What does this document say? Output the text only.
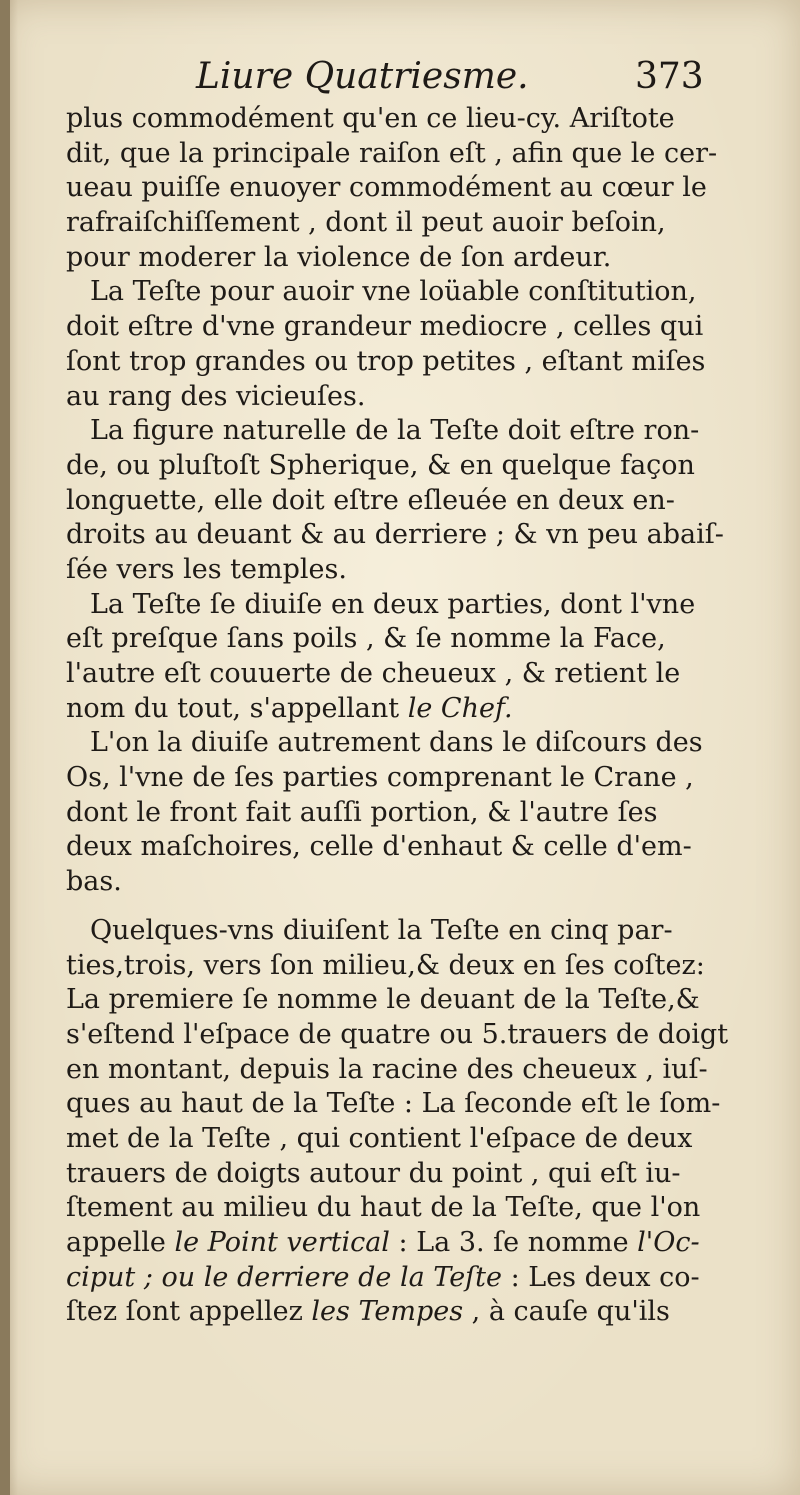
Liure Quatriesme.	373
plus commodément qu'en ce lieu-cy. Ariſtote
dit, que la principale raiſon eſt , afin que le cer-
ueau puiſſe enuoyer commodément au cœur le
rafraiſchiſſement , dont il peut auoir beſoin,
pour moderer la violence de ſon ardeur.
La Teſte pour auoir vne loüable conſtitution,
doit eſtre d'vne grandeur mediocre , celles qui
ſont trop grandes ou trop petites , eſtant miſes
au rang des vicieuſes.
La figure naturelle de la Teſte doit eſtre ron-
de, ou pluſtoſt Spherique, & en quelque façon
longuette, elle doit eſtre eſleuée en deux en-
droits au deuant & au derriere ; & vn peu abaiſ-
ſée vers les temples.
La Teſte ſe diuiſe en deux parties, dont l'vne
eſt preſque ſans poils , & ſe nomme la Face,
l'autre eſt couuerte de cheueux , & retient le
nom du tout, s'appellant le Chef.
L'on la diuiſe autrement dans le diſcours des
Os, l'vne de ſes parties comprenant le Crane ,
dont le front fait auſſi portion, & l'autre ſes
deux maſchoires, celle d'enhaut & celle d'em-
bas.
Quelques-vns diuiſent la Teſte en cinq par-
ties,trois, vers ſon milieu,& deux en ſes coſtez:
La premiere ſe nomme le deuant de la Teſte,&
s'eſtend l'eſpace de quatre ou 5.trauers de doigt
en montant, depuis la racine des cheueux , iuſ-
ques au haut de la Teſte : La ſeconde eſt le ſom-
met de la Teſte , qui contient l'eſpace de deux
trauers de doigts autour du point , qui eſt iu-
ſtement au milieu du haut de la Teſte, que l'on
appelle le Point vertical : La 3. ſe nomme l'Oc-
ciput ; ou le derriere de la Teſte : Les deux co-
ſtez ſont appellez les Tempes , à cauſe qu'ils
